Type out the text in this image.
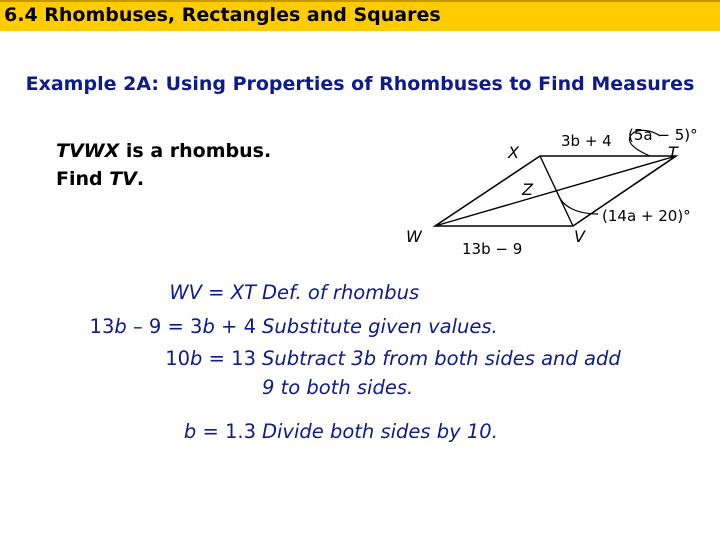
6.4 Rhombuses, Rectangles and Squares
Example 2A: Using Properties of Rhombuses to Find Measures
TVWX is a rhombus.
Find TV.
X	T
Z
W	V
3b + 4 (5a − 5)°
(14a + 20)°
13b − 9
WV = XT Def. of rhombus
13b – 9 = 3b + 4 Substitute given values.
10b = 13 Subtract 3b from both sides and add
9 to both sides.
b = 1.3 Divide both sides by 10.
